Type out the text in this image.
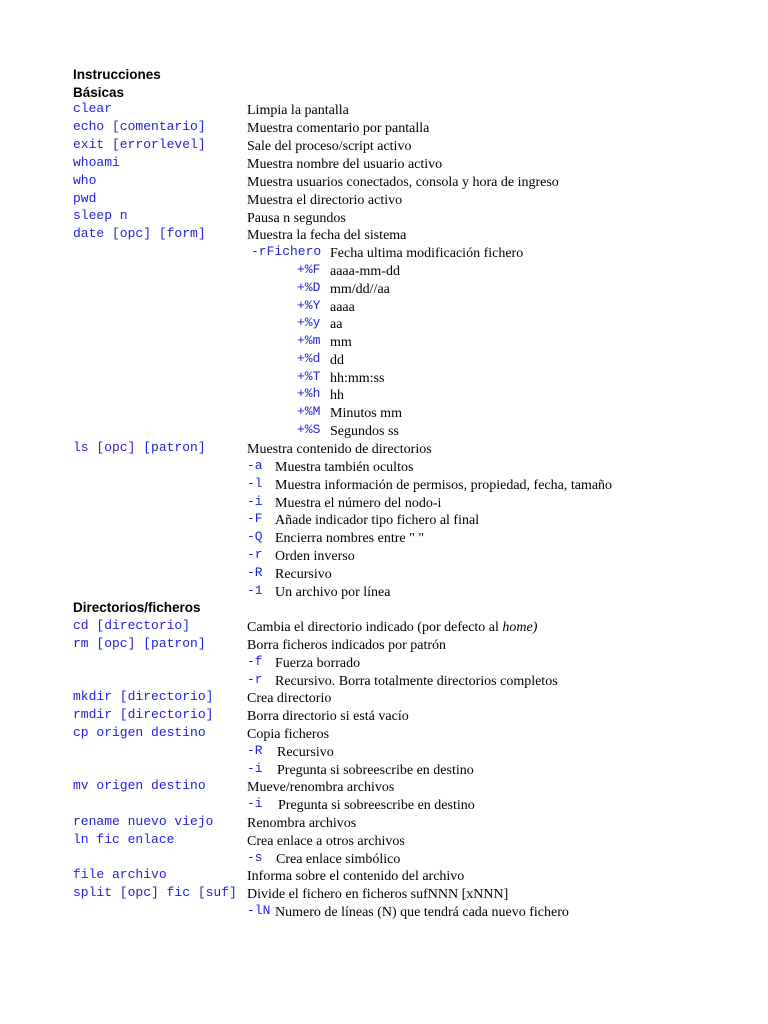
Instrucciones
Básicas
clear	Limpia la pantalla
echo [comentario]	Muestra comentario por pantalla
exit [errorlevel]	Sale del proceso/script activo
whoami	Muestra nombre del usuario activo
who	Muestra usuarios conectados, consola y hora de ingreso
pwd	Muestra el directorio activo
sleep n	Pausa n segundos
date [opc] [form]	Muestra la fecha del sistema
-rFichero Fecha ultima modificación fichero
+%F aaaa-mm-dd
+%D mm/dd//aa
+%Y aaaa
+%y aa
+%m mm
+%d dd
+%T hh:mm:ss
+%h hh
+%M Minutos mm
+%S Segundos ss
ls [opc] [patron]	Muestra contenido de directorios
-a Muestra también ocultos
-l Muestra información de permisos, propiedad, fecha, tamaño
-i Muestra el número del nodo-i
-F Añade indicador tipo fichero al final
-Q Encierra nombres entre " "
-r Orden inverso
-R Recursivo
-1 Un archivo por línea
Directorios/ficheros
cd [directorio]	Cambia el directorio indicado (por defecto al home)
rm [opc] [patron]	Borra ficheros indicados por patrón
-f Fuerza borrado
-r Recursivo. Borra totalmente directorios completos
mkdir [directorio] Crea directorio
rmdir [directorio] Borra directorio si está vacío
cp origen destino	Copia ficheros
-R Recursivo
-i Pregunta si sobreescribe en destino
mv origen destino	Mueve/renombra archivos
-i Pregunta si sobreescribe en destino
rename nuevo viejo Renombra archivos
ln fic enlace	Crea enlace a otros archivos
-s Crea enlace simbólico
file archivo	Informa sobre el contenido del archivo
split [opc] fic [suf] Divide el fichero en ficheros sufNNN [xNNN]
-lN Numero de líneas (N) que tendrá cada nuevo fichero
